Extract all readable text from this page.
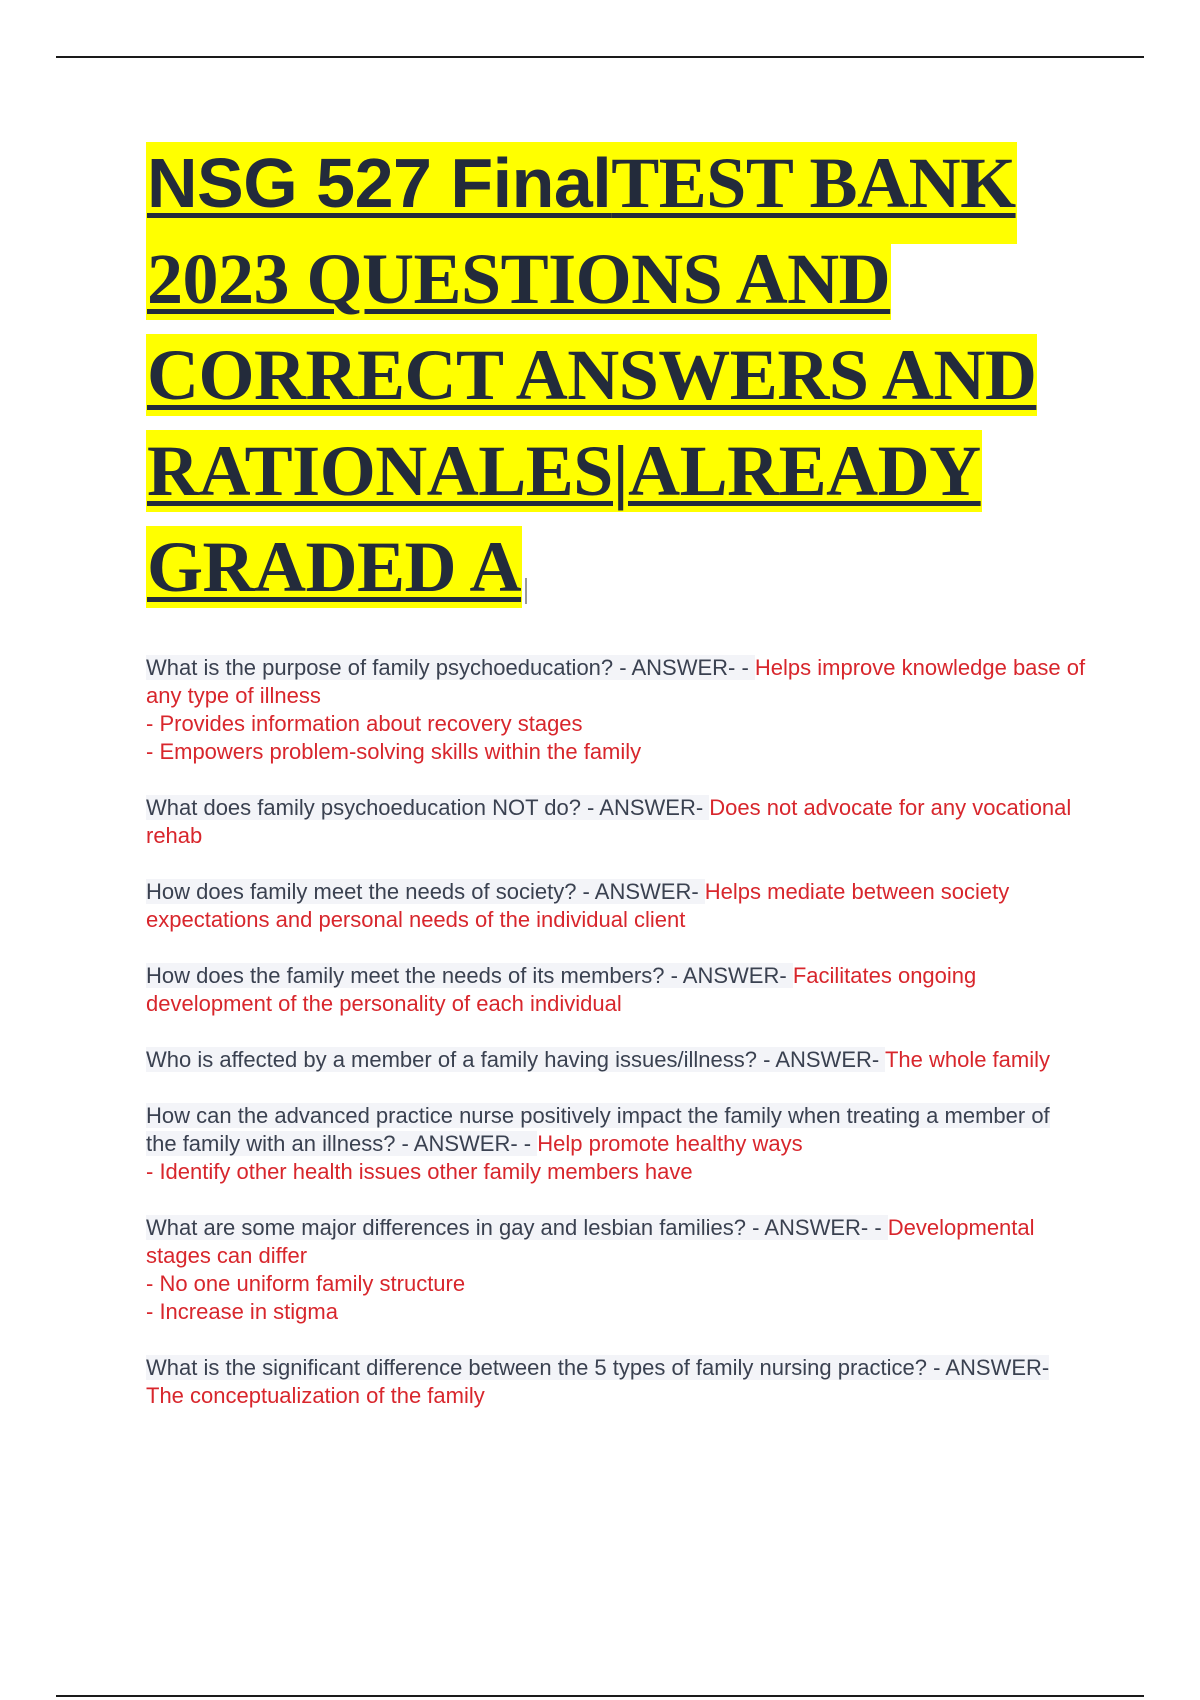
NSG 527 FinalTEST BANK
2023 QUESTIONS AND
CORRECT ANSWERS AND
RATIONALES|ALREADY
GRADED A
What is the purpose of family psychoeducation? - ANSWER- - Helps improve knowledge base of any type of illness
- Provides information about recovery stages
- Empowers problem-solving skills within the family
What does family psychoeducation NOT do? - ANSWER- Does not advocate for any vocational rehab
How does family meet the needs of society? - ANSWER- Helps mediate between society expectations and personal needs of the individual client
How does the family meet the needs of its members? - ANSWER- Facilitates ongoing development of the personality of each individual
Who is affected by a member of a family having issues/illness? - ANSWER- The whole family
How can the advanced practice nurse positively impact the family when treating a member of the family with an illness? - ANSWER- - Help promote healthy ways
- Identify other health issues other family members have
What are some major differences in gay and lesbian families? - ANSWER- - Developmental stages can differ
- No one uniform family structure
- Increase in stigma
What is the significant difference between the 5 types of family nursing practice? - ANSWER- The conceptualization of the family
